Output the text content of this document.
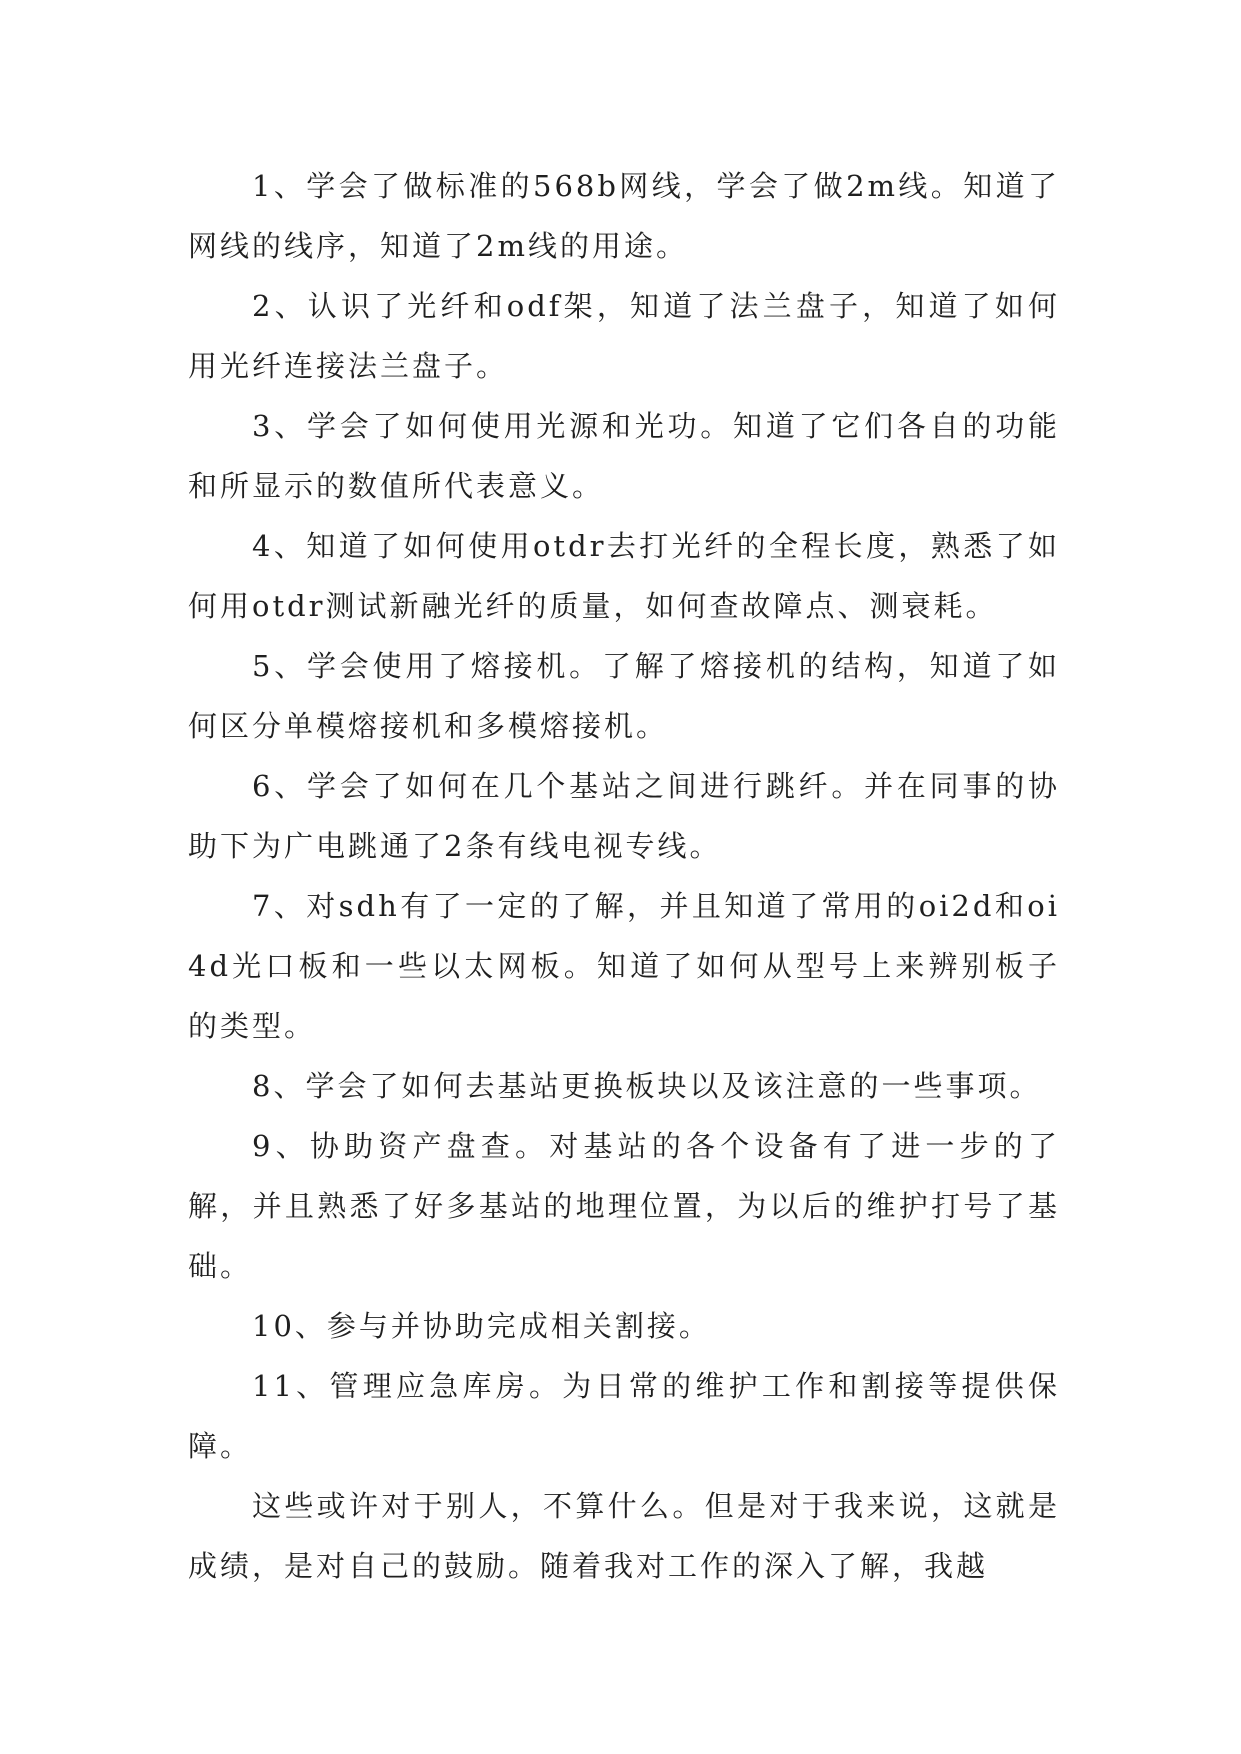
1、学会了做标准的568b网线，学会了做2m线。知道了网线的线序，知道了2m线的用途。

2、认识了光纤和odf架，知道了法兰盘子，知道了如何用光纤连接法兰盘子。

3、学会了如何使用光源和光功。知道了它们各自的功能和所显示的数值所代表意义。

4、知道了如何使用otdr去打光纤的全程长度，熟悉了如何用otdr测试新融光纤的质量，如何查故障点、测衰耗。

5、学会使用了熔接机。了解了熔接机的结构，知道了如何区分单模熔接机和多模熔接机。

6、学会了如何在几个基站之间进行跳纤。并在同事的协助下为广电跳通了2条有线电视专线。

7、对sdh有了一定的了解，并且知道了常用的oi2d和oi4d光口板和一些以太网板。知道了如何从型号上来辨别板子的类型。

8、学会了如何去基站更换板块以及该注意的一些事项。

9、协助资产盘查。对基站的各个设备有了进一步的了解，并且熟悉了好多基站的地理位置，为以后的维护打号了基础。

10、参与并协助完成相关割接。

11、管理应急库房。为日常的维护工作和割接等提供保障。

这些或许对于别人，不算什么。但是对于我来说，这就是成绩，是对自己的鼓励。随着我对工作的深入了解，我越
